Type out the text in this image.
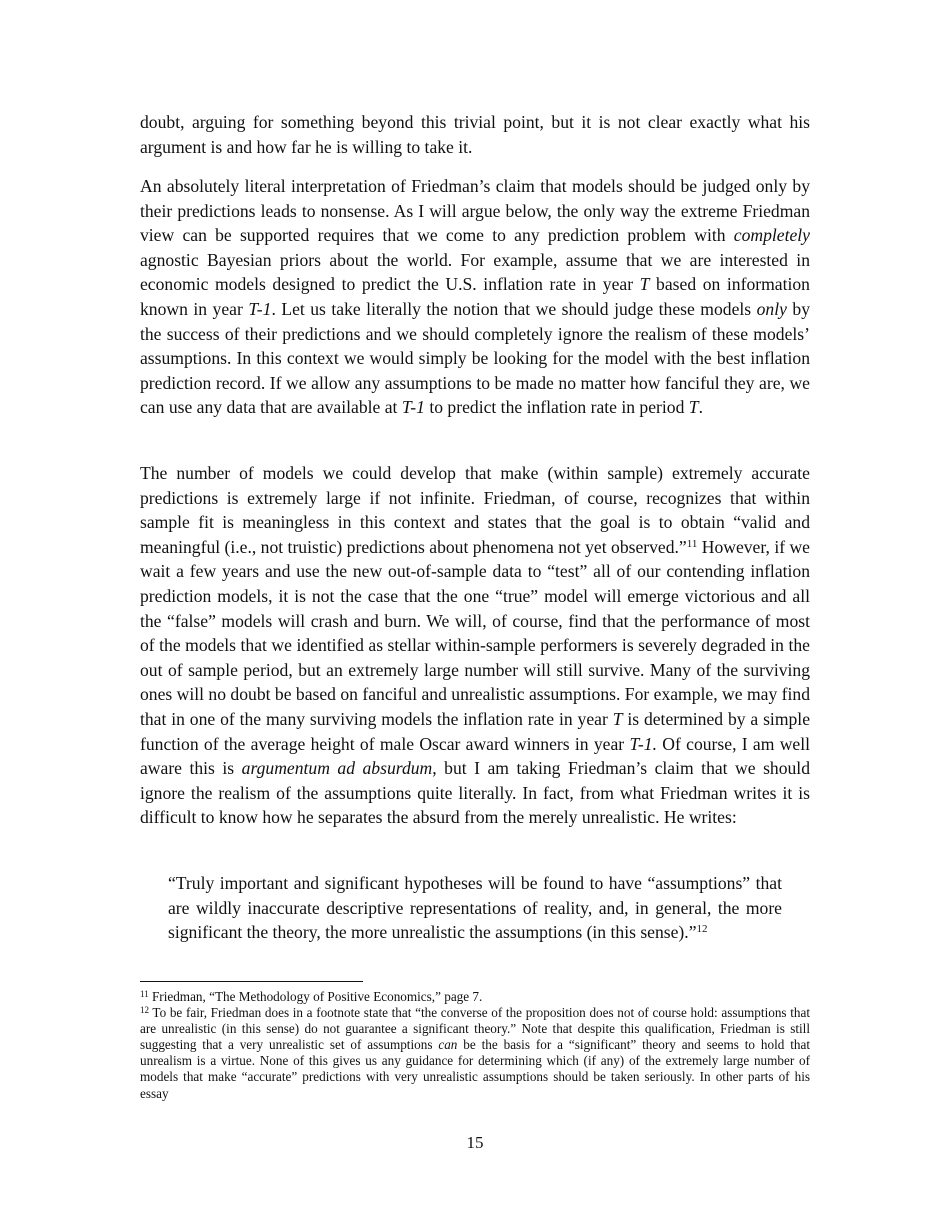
doubt, arguing for something beyond this trivial point, but it is not clear exactly what his argument is and how far he is willing to take it.

An absolutely literal interpretation of Friedman’s claim that models should be judged only by their predictions leads to nonsense. As I will argue below, the only way the extreme Friedman view can be supported requires that we come to any prediction problem with completely agnostic Bayesian priors about the world. For example, assume that we are interested in economic models designed to predict the U.S. inflation rate in year T based on information known in year T-1. Let us take literally the notion that we should judge these models only by the success of their predictions and we should completely ignore the realism of these models’ assumptions. In this context we would simply be looking for the model with the best inflation prediction record. If we allow any assumptions to be made no matter how fanciful they are, we can use any data that are available at T-1 to predict the inflation rate in period T.

The number of models we could develop that make (within sample) extremely accurate predictions is extremely large if not infinite. Friedman, of course, recognizes that within sample fit is meaningless in this context and states that the goal is to obtain “valid and meaningful (i.e., not truistic) predictions about phenomena not yet observed.”$^{11}$ However, if we wait a few years and use the new out-of-sample data to “test” all of our contending inflation prediction models, it is not the case that the one “true” model will emerge victorious and all the “false” models will crash and burn. We will, of course, find that the performance of most of the models that we identified as stellar within-sample performers is severely degraded in the out of sample period, but an extremely large number will still survive. Many of the surviving ones will no doubt be based on fanciful and unrealistic assumptions. For example, we may find that in one of the many surviving models the inflation rate in year T is determined by a simple function of the average height of male Oscar award winners in year T-1. Of course, I am well aware this is argumentum ad absurdum, but I am taking Friedman’s claim that we should ignore the realism of the assumptions quite literally. In fact, from what Friedman writes it is difficult to know how he separates the absurd from the merely unrealistic. He writes:

“Truly important and significant hypotheses will be found to have “assumptions” that are wildly inaccurate descriptive representations of reality, and, in general, the more significant the theory, the more unrealistic the assumptions (in this sense).”$^{12}$

$^{11}$ Friedman, “The Methodology of Positive Economics,” page 7.

$^{12}$ To be fair, Friedman does in a footnote state that “the converse of the proposition does not of course hold: assumptions that are unrealistic (in this sense) do not guarantee a significant theory.” Note that despite this qualification, Friedman is still suggesting that a very unrealistic set of assumptions can be the basis for a “significant” theory and seems to hold that unrealism is a virtue. None of this gives us any guidance for determining which (if any) of the extremely large number of models that make “accurate” predictions with very unrealistic assumptions should be taken seriously. In other parts of his essay

15
